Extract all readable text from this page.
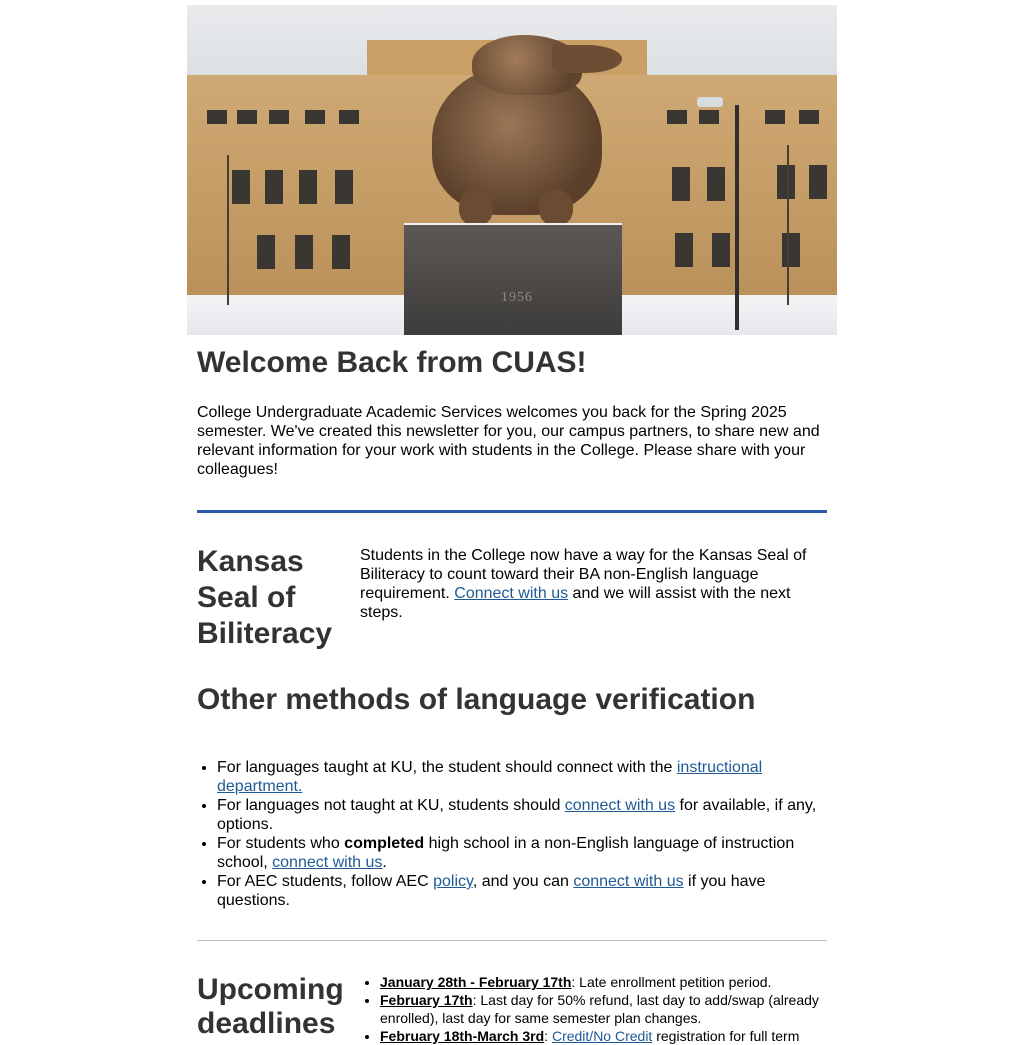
1956
Welcome Back from CUAS!

College Undergraduate Academic Services welcomes you back for the Spring 2025 semester. We've created this newsletter for you, our campus partners, to share new and relevant information for your work with students in the College. Please share with your colleagues!

Kansas Seal of Biliteracy

Students in the College now have a way for the Kansas Seal of Biliteracy to count toward their BA non-English language requirement. Connect with us and we will assist with the next steps.

Other methods of language verification
• For languages taught at KU, the student should connect with the instructional department.
• For languages not taught at KU, students should connect with us for available, if any, options.
• For students who completed high school in a non-English language of instruction school, connect with us.
• For AEC students, follow AEC policy, and you can connect with us if you have questions.
Upcoming deadlines
• January 28th - February 17th: Late enrollment petition period.
• February 17th: Last day for 50% refund, last day to add/swap (already enrolled), last day for same semester plan changes.
• February 18th-March 3rd: Credit/No Credit registration for full term
